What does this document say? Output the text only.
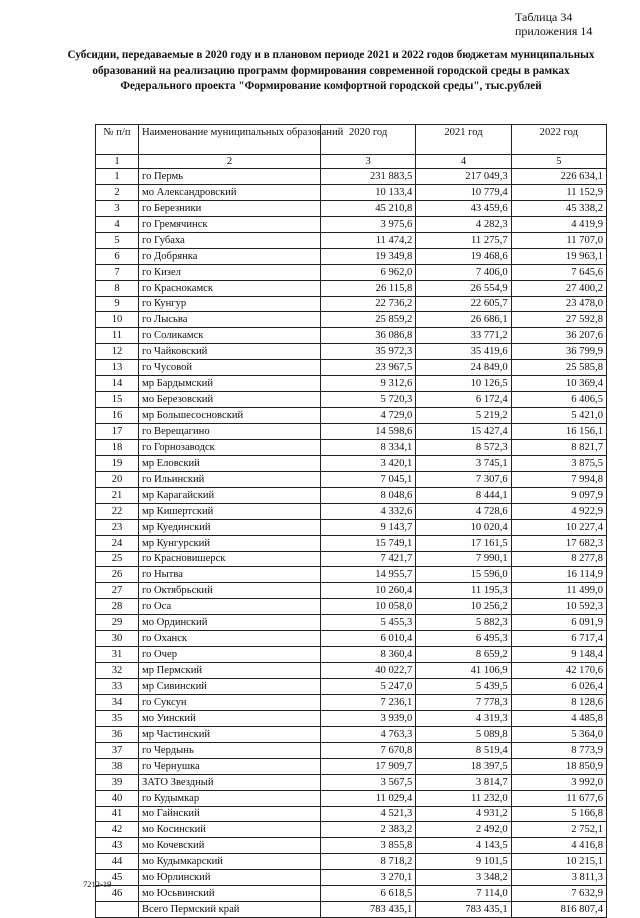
Таблица 34
приложения 14
Субсидии, передаваемые в 2020 году и в плановом периоде 2021 и 2022 годов бюджетам муниципальных образований на реализацию программ формирования современной городской среды в рамках Федерального проекта "Формирование комфортной городской среды", тыс.рублей
№ п/п	Наименование муниципальных образований	2020 год	2021 год	2022 год
1	2	3	4	5
1	го Пермь	231 883,5	217 049,3	226 634,1
2	мо Александровский	10 133,4	10 779,4	11 152,9
3	го Березники	45 210,8	43 459,6	45 338,2
4	го Гремячинск	3 975,6	4 282,3	4 419,9
5	го Губаха	11 474,2	11 275,7	11 707,0
6	го Добрянка	19 349,8	19 468,6	19 963,1
7	го Кизел	6 962,0	7 406,0	7 645,6
8	го Краснокамск	26 115,8	26 554,9	27 400,2
9	го Кунгур	22 736,2	22 605,7	23 478,0
10	го Лысьва	25 859,2	26 686,1	27 592,8
11	го Соликамск	36 086,8	33 771,2	36 207,6
12	го Чайковский	35 972,3	35 419,6	36 799,9
13	го Чусовой	23 967,5	24 849,0	25 585,8
14	мр Бардымский	9 312,6	10 126,5	10 369,4
15	мо Березовский	5 720,3	6 172,4	6 406,5
16	мр Большесосновский	4 729,0	5 219,2	5 421,0
17	го Верещагино	14 598,6	15 427,4	16 156,1
18	го Горнозаводск	8 334,1	8 572,3	8 821,7
19	мр Еловский	3 420,1	3 745,1	3 875,5
20	го Ильинский	7 045,1	7 307,6	7 994,8
21	мр Карагайский	8 048,6	8 444,1	9 097,9
22	мр Кишертский	4 332,6	4 728,6	4 922,9
23	мр Куединский	9 143,7	10 020,4	10 227,4
24	мр Кунгурский	15 749,1	17 161,5	17 682,3
25	го Красновишерск	7 421,7	7 990,1	8 277,8
26	го Нытва	14 955,7	15 596,0	16 114,9
27	го Октябрьский	10 260,4	11 195,3	11 499,0
28	го Оса	10 058,0	10 256,2	10 592,3
29	мо Ординский	5 455,3	5 882,3	6 091,9
30	го Оханск	6 010,4	6 495,3	6 717,4
31	го Очер	8 360,4	8 659,2	9 148,4
32	мр Пермский	40 022,7	41 106,9	42 170,6
33	мр Сивинский	5 247,0	5 439,5	6 026,4
34	го Суксун	7 236,1	7 778,3	8 128,6
35	мо Уинский	3 939,0	4 319,3	4 485,8
36	мр Частинский	4 763,3	5 089,8	5 364,0
37	го Чердынь	7 670,8	8 519,4	8 773,9
38	го Чернушка	17 909,7	18 397,5	18 850,9
39	ЗАТО Звездный	3 567,5	3 814,7	3 992,0
40	го Кудымкар	11 029,4	11 232,0	11 677,6
41	мо Гайнский	4 521,3	4 931,2	5 166,8
42	мо Косинский	2 383,2	2 492,0	2 752,1
43	мо Кочевский	3 855,8	4 143,5	4 416,8
44	мо Кудымкарский	8 718,2	9 101,5	10 215,1
45	мо Юрлинский	3 270,1	3 348,2	3 811,3
46	мо Юсьвинский	6 618,5	7 114,0	7 632,9
	Всего Пермский край	783 435,1	783 435,1	816 807,4
7212-19
